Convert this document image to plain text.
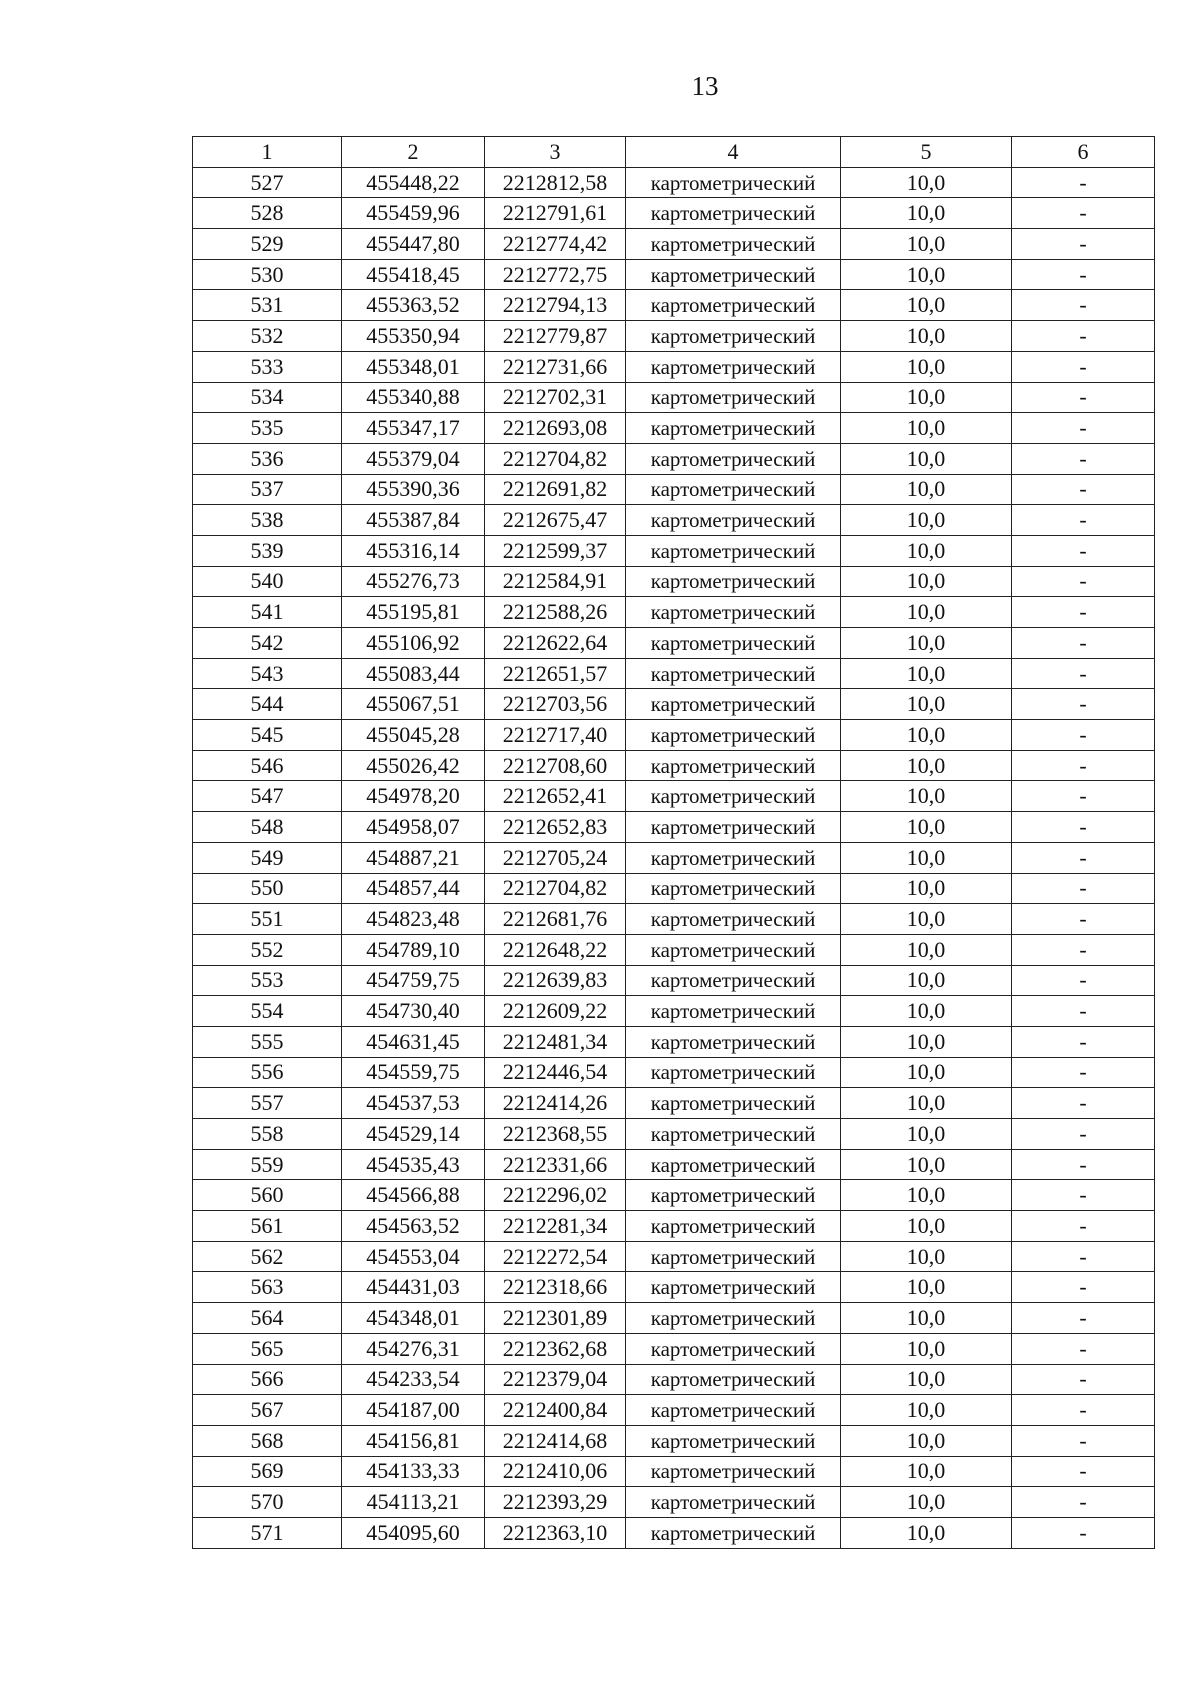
13
1	2	3	4	5	6
527	455448,22	2212812,58	картометрический	10,0	-
528	455459,96	2212791,61	картометрический	10,0	-
529	455447,80	2212774,42	картометрический	10,0	-
530	455418,45	2212772,75	картометрический	10,0	-
531	455363,52	2212794,13	картометрический	10,0	-
532	455350,94	2212779,87	картометрический	10,0	-
533	455348,01	2212731,66	картометрический	10,0	-
534	455340,88	2212702,31	картометрический	10,0	-
535	455347,17	2212693,08	картометрический	10,0	-
536	455379,04	2212704,82	картометрический	10,0	-
537	455390,36	2212691,82	картометрический	10,0	-
538	455387,84	2212675,47	картометрический	10,0	-
539	455316,14	2212599,37	картометрический	10,0	-
540	455276,73	2212584,91	картометрический	10,0	-
541	455195,81	2212588,26	картометрический	10,0	-
542	455106,92	2212622,64	картометрический	10,0	-
543	455083,44	2212651,57	картометрический	10,0	-
544	455067,51	2212703,56	картометрический	10,0	-
545	455045,28	2212717,40	картометрический	10,0	-
546	455026,42	2212708,60	картометрический	10,0	-
547	454978,20	2212652,41	картометрический	10,0	-
548	454958,07	2212652,83	картометрический	10,0	-
549	454887,21	2212705,24	картометрический	10,0	-
550	454857,44	2212704,82	картометрический	10,0	-
551	454823,48	2212681,76	картометрический	10,0	-
552	454789,10	2212648,22	картометрический	10,0	-
553	454759,75	2212639,83	картометрический	10,0	-
554	454730,40	2212609,22	картометрический	10,0	-
555	454631,45	2212481,34	картометрический	10,0	-
556	454559,75	2212446,54	картометрический	10,0	-
557	454537,53	2212414,26	картометрический	10,0	-
558	454529,14	2212368,55	картометрический	10,0	-
559	454535,43	2212331,66	картометрический	10,0	-
560	454566,88	2212296,02	картометрический	10,0	-
561	454563,52	2212281,34	картометрический	10,0	-
562	454553,04	2212272,54	картометрический	10,0	-
563	454431,03	2212318,66	картометрический	10,0	-
564	454348,01	2212301,89	картометрический	10,0	-
565	454276,31	2212362,68	картометрический	10,0	-
566	454233,54	2212379,04	картометрический	10,0	-
567	454187,00	2212400,84	картометрический	10,0	-
568	454156,81	2212414,68	картометрический	10,0	-
569	454133,33	2212410,06	картометрический	10,0	-
570	454113,21	2212393,29	картометрический	10,0	-
571	454095,60	2212363,10	картометрический	10,0	-
